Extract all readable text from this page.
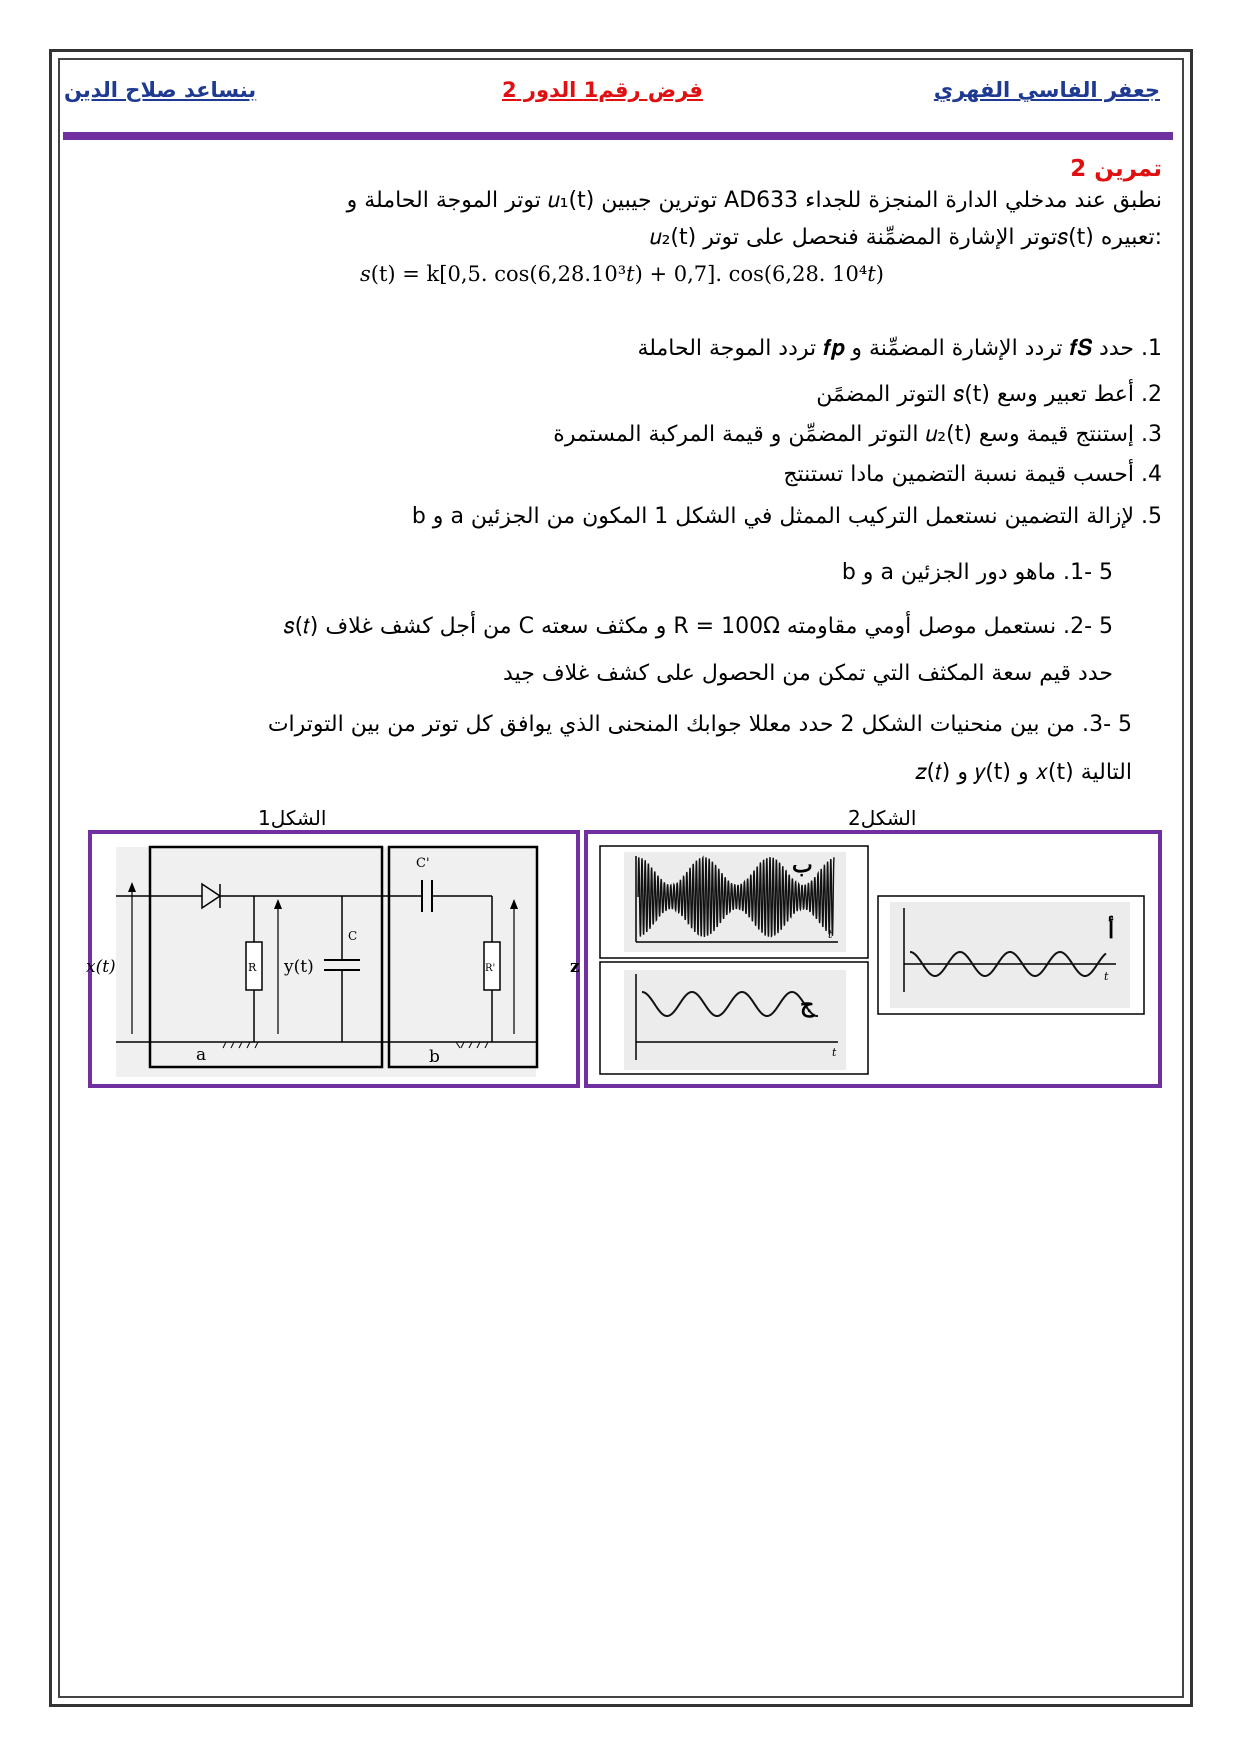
بنساعد صلاح الدين	فرض رقم1 الدور 2	جعفر الفاسي الفهري
تمرين 2
نطبق عند مدخلي الدارة المنجزة للجداء AD633 توترين جيبين 𝑢₁(t) توتر الموجة الحاملة و
𝑢₂(t) توتر الإشارة المضمِّنة فنحصل على توتر𝑠(t) تعبيره:
𝑠(t) = k[0,5. cos(6,28.10³𝑡) + 0,7]. cos(6,28. 10⁴𝑡)
1. حدد 𝒇𝑺 تردد الإشارة المضمِّنة و 𝒇𝒑 تردد الموجة الحاملة
2. أعط تعبير وسع 𝑠(t) التوتر المضمًن
3. إستنتج قيمة وسع 𝑢₂(t) التوتر المضمِّن و قيمة المركبة المستمرة
4. أحسب قيمة نسبة التضمين مادا تستنتج
5. لإزالة التضمين نستعمل التركيب الممثل في الشكل 1 المكون من الجزئين a و b
5 -1. ماهو دور الجزئين a و b
5 -2. نستعمل موصل أومي مقاومته R = 100Ω و مكثف سعته C من أجل كشف غلاف 𝑠(𝑡)
حدد قيم سعة المكثف التي تمكن من الحصول على كشف غلاف جيد
5 -3. من بين منحنيات الشكل 2 حدد معللا جوابك المنحنى الذي يوافق كل توتر من بين التوترات
التالية 𝑥(t) و 𝑦(t) و 𝑧(𝑡)
الشكل1	الشكل2
C'
R
C
R'
𝑥(t)	y(t)	z
a	b
t
ب
t
ج
t
أ
